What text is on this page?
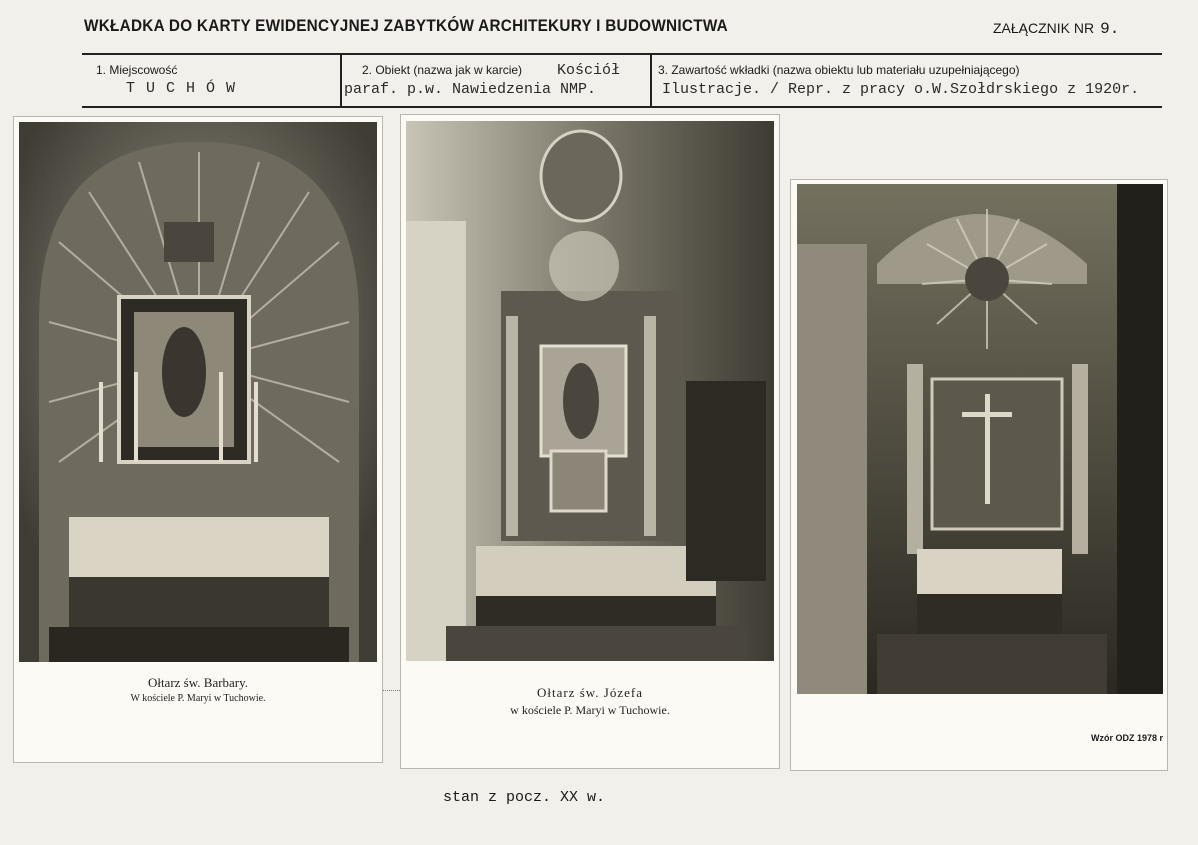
WKŁADKA DO KARTY EWIDENCYJNEJ ZABYTKÓW ARCHITEKURY I BUDOWNICTWA	ZAŁĄCZNIK NR 9.
1. Miejscowość
T U C H Ó W
2. Obiekt (nazwa jak w karcie) Kościół
paraf. p.w. Nawiedzenia NMP.
3. Zawartość wkładki (nazwa obiektu lub materiału uzupełniającego)
Ilustracje. / Repr. z pracy o.W.Szołdrskiego z 1920r.
Ołtarz św. Barbary.
W kościele P. Maryi w Tuchowie.	Ołtarz św. Józefa
w kościele P. Maryi w Tuchowie.
Wzór ODZ 1978 r
stan z pocz. XX w.
